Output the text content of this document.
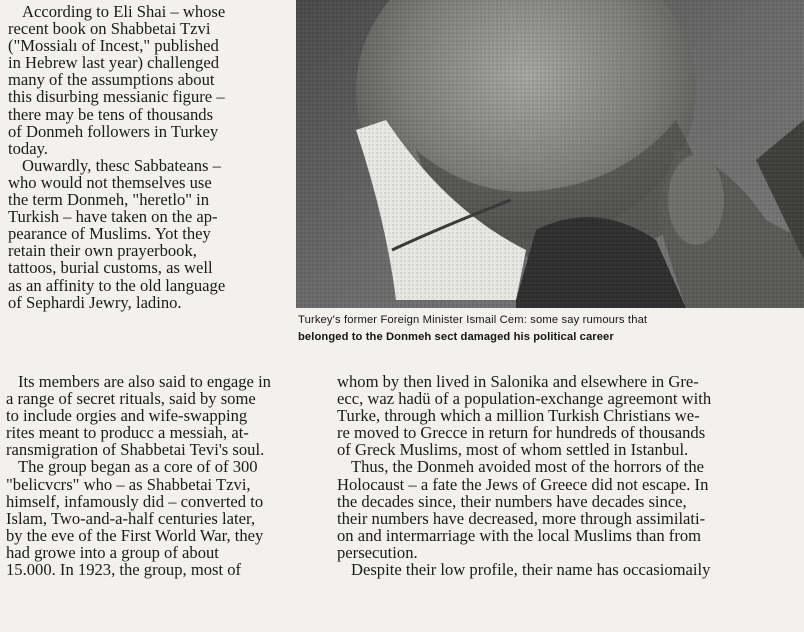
According to Eli Shai – whose
recent book on Shabbetai Tzvi
("Mossialı of Incest," published
in Hebrew last year) challenged
many of the assumptions about
this disurbing messianic figure –
there may be tens of thousands
of Donmeh followers in Turkey
today.
Ouwardly, thesc Sabbateans –
who would not themselves use
the term Donmeh, "heretlo" in
Turkish – have taken on the ap-
pearance of Muslims. Yot they
retain their own prayerbook,
tattoos, burial customs, as well
as an affinity to the old language
of Sephardi Jewry, ladino.
Turkey's former Foreign Minister Ismail Cem: some say rumours that
belonged to the Donmeh sect damaged his political career
Its members are also said to engage in
a range of secret rituals, said by some
to include orgies and wife-swapping
rites meant to producc a messiah, at-
ransmigration of Shabbetai Tevi's soul.
The group began as a core of of 300
"belicvcrs" who – as Shabbetai Tzvi,
himself, infamously did – converted to
Islam, Two-and-a-half centuries later,
by the eve of the First World War, they
had growe into a group of about
15.000. In 1923, the group, most of
whom by then lived in Salonika and elsewhere in Gre-
ecc, waz hadü of a population-exchange agreemont with
Turke, through which a million Turkish Christians we-
re moved to Grecce in return for hundreds of thousands
of Greck Muslims, most of whom settled in Istanbul.
Thus, the Donmeh avoided most of the horrors of the
Holocaust – a fate the Jews of Greece did not escape. In
the decades since, their numbers have decades since,
their numbers have decreased, more through assimilati-
on and intermarriage with the local Muslims than from
persecution.
Despite their low profile, their name has occasiomaily
